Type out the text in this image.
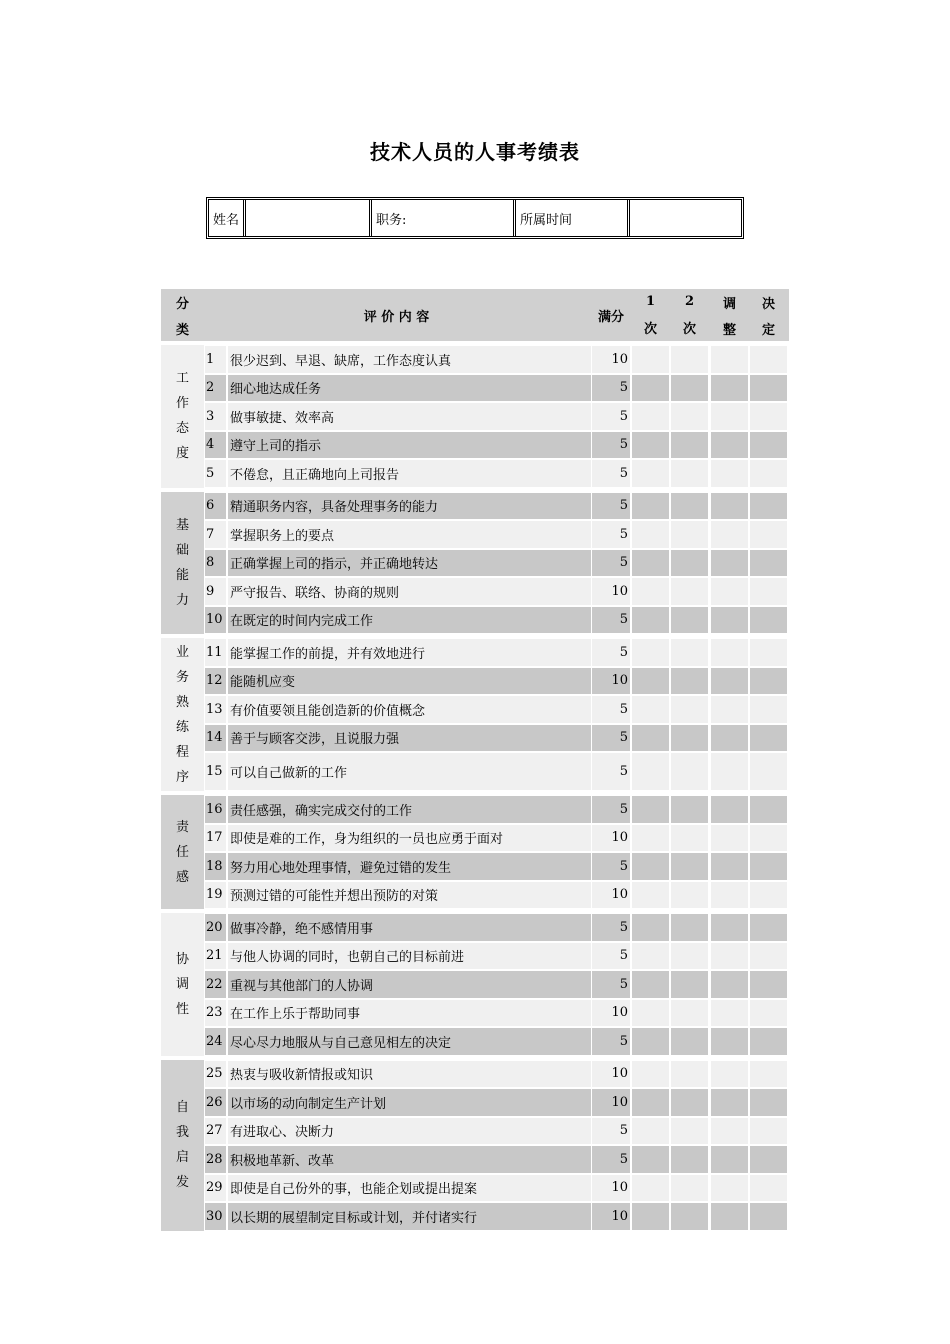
技术人员的人事考绩表
姓名	职务:	所属时间
分
类
评 价 内 容	满分
1
次
2
次
调
整
决
定
工
作
态
度
1	很少迟到、早退、缺席，工作态度认真	10
2	细心地达成任务	5
3	做事敏捷、效率高	5
4	遵守上司的指示	5
5	不倦怠，且正确地向上司报告	5
基
础
能
力
6	精通职务内容，具备处理事务的能力	5
7	掌握职务上的要点	5
8	正确掌握上司的指示，并正确地转达	5
9	严守报告、联络、协商的规则	10
10 在既定的时间内完成工作	5
业
务
熟
练
程
序
11 能掌握工作的前提，并有效地进行	5
12 能随机应变	10
13 有价值要领且能创造新的价值概念	5
14 善于与顾客交涉，且说服力强	5
15 可以自己做新的工作	5
责
任
感
16 责任感强，确实完成交付的工作	5
17 即使是难的工作，身为组织的一员也应勇于面对	10
18 努力用心地处理事情，避免过错的发生	5
19 预测过错的可能性并想出预防的对策	10
协
调
性
20 做事冷静，绝不感情用事	5
21 与他人协调的同时，也朝自己的目标前进	5
22 重视与其他部门的人协调	5
23 在工作上乐于帮助同事	10
24 尽心尽力地服从与自己意见相左的决定	5
自
我
启
发
25 热衷与吸收新情报或知识	10
26 以市场的动向制定生产计划	10
27 有进取心、决断力	5
28 积极地革新、改革	5
29 即使是自己份外的事，也能企划或提出提案	10
30 以长期的展望制定目标或计划，并付诸实行	10
